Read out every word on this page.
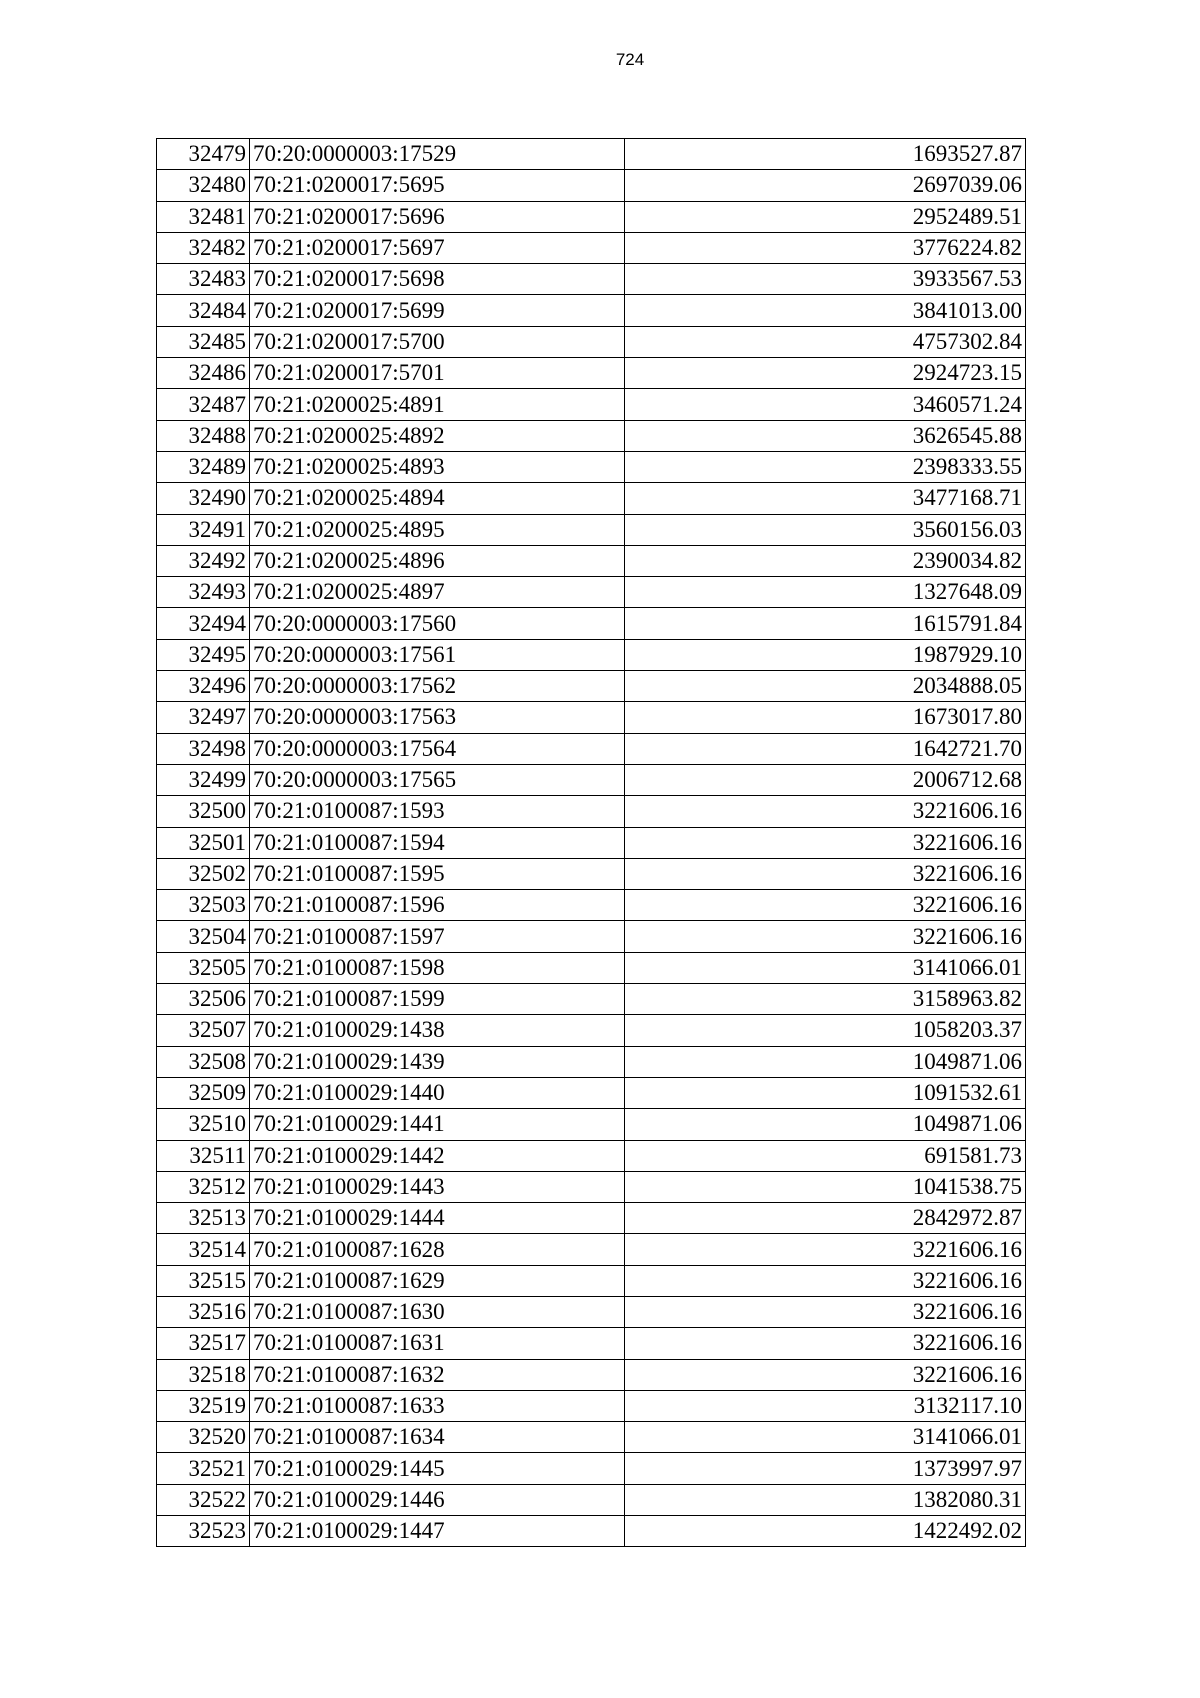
724
32479	70:20:0000003:17529	1693527.87
32480	70:21:0200017:5695	2697039.06
32481	70:21:0200017:5696	2952489.51
32482	70:21:0200017:5697	3776224.82
32483	70:21:0200017:5698	3933567.53
32484	70:21:0200017:5699	3841013.00
32485	70:21:0200017:5700	4757302.84
32486	70:21:0200017:5701	2924723.15
32487	70:21:0200025:4891	3460571.24
32488	70:21:0200025:4892	3626545.88
32489	70:21:0200025:4893	2398333.55
32490	70:21:0200025:4894	3477168.71
32491	70:21:0200025:4895	3560156.03
32492	70:21:0200025:4896	2390034.82
32493	70:21:0200025:4897	1327648.09
32494	70:20:0000003:17560	1615791.84
32495	70:20:0000003:17561	1987929.10
32496	70:20:0000003:17562	2034888.05
32497	70:20:0000003:17563	1673017.80
32498	70:20:0000003:17564	1642721.70
32499	70:20:0000003:17565	2006712.68
32500	70:21:0100087:1593	3221606.16
32501	70:21:0100087:1594	3221606.16
32502	70:21:0100087:1595	3221606.16
32503	70:21:0100087:1596	3221606.16
32504	70:21:0100087:1597	3221606.16
32505	70:21:0100087:1598	3141066.01
32506	70:21:0100087:1599	3158963.82
32507	70:21:0100029:1438	1058203.37
32508	70:21:0100029:1439	1049871.06
32509	70:21:0100029:1440	1091532.61
32510	70:21:0100029:1441	1049871.06
32511	70:21:0100029:1442	691581.73
32512	70:21:0100029:1443	1041538.75
32513	70:21:0100029:1444	2842972.87
32514	70:21:0100087:1628	3221606.16
32515	70:21:0100087:1629	3221606.16
32516	70:21:0100087:1630	3221606.16
32517	70:21:0100087:1631	3221606.16
32518	70:21:0100087:1632	3221606.16
32519	70:21:0100087:1633	3132117.10
32520	70:21:0100087:1634	3141066.01
32521	70:21:0100029:1445	1373997.97
32522	70:21:0100029:1446	1382080.31
32523	70:21:0100029:1447	1422492.02
